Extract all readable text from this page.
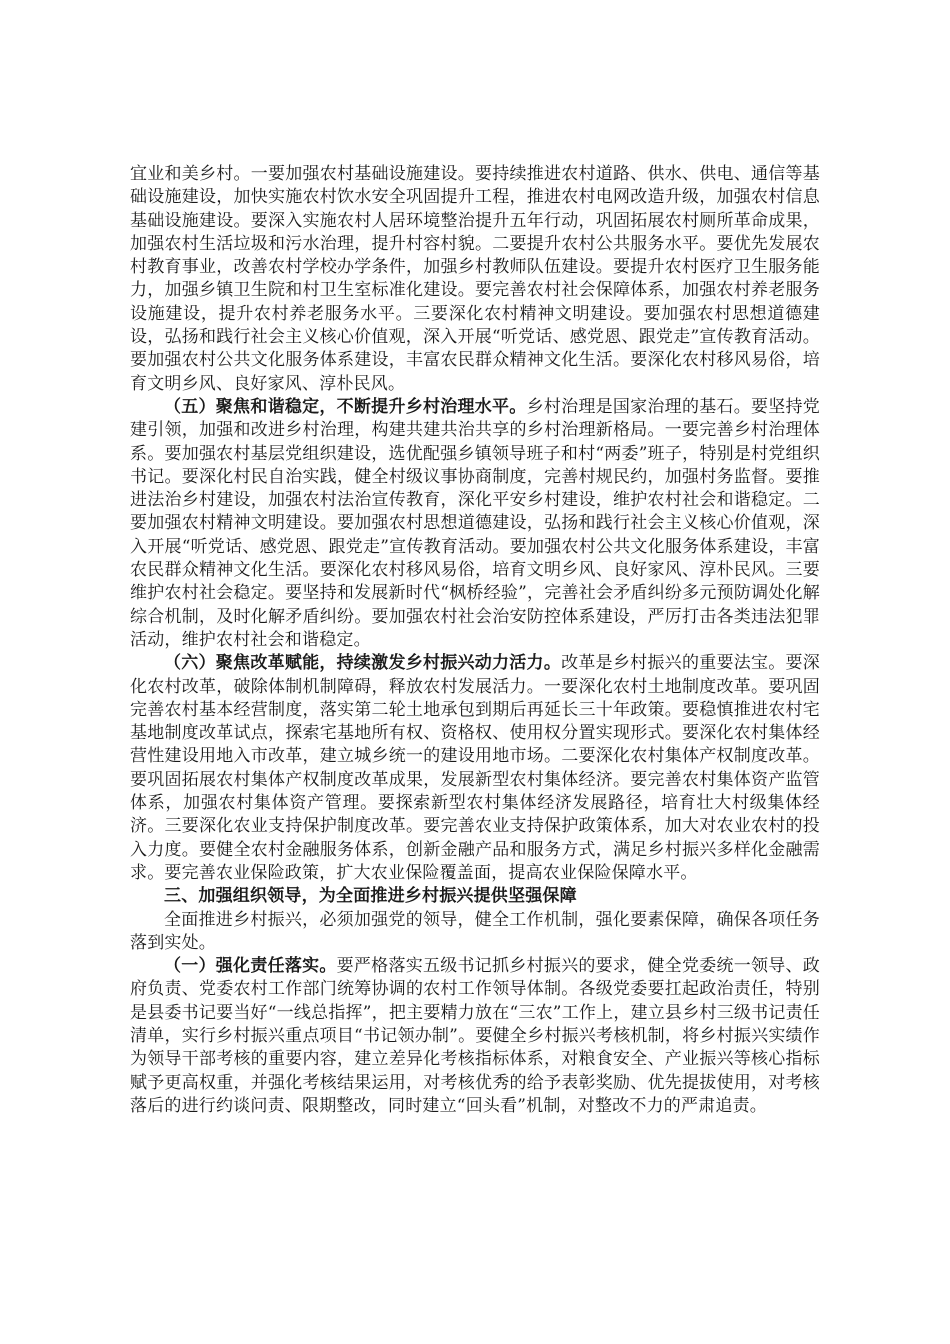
宜业和美乡村。一要加强农村基础设施建设。要持续推进农村道路、供水、供电、通信等基础设施建设，加快实施农村饮水安全巩固提升工程，推进农村电网改造升级，加强农村信息基础设施建设。要深入实施农村人居环境整治提升五年行动，巩固拓展农村厕所革命成果，加强农村生活垃圾和污水治理，提升村容村貌。二要提升农村公共服务水平。要优先发展农村教育事业，改善农村学校办学条件，加强乡村教师队伍建设。要提升农村医疗卫生服务能力，加强乡镇卫生院和村卫生室标准化建设。要完善农村社会保障体系，加强农村养老服务设施建设，提升农村养老服务水平。三要深化农村精神文明建设。要加强农村思想道德建设，弘扬和践行社会主义核心价值观，深入开展“听党话、感党恩、跟党走”宣传教育活动。要加强农村公共文化服务体系建设，丰富农民群众精神文化生活。要深化农村移风易俗，培育文明乡风、良好家风、淳朴民风。

（五）聚焦和谐稳定，不断提升乡村治理水平。乡村治理是国家治理的基石。要坚持党建引领，加强和改进乡村治理，构建共建共治共享的乡村治理新格局。一要完善乡村治理体系。要加强农村基层党组织建设，选优配强乡镇领导班子和村“两委”班子，特别是村党组织书记。要深化村民自治实践，健全村级议事协商制度，完善村规民约，加强村务监督。要推进法治乡村建设，加强农村法治宣传教育，深化平安乡村建设，维护农村社会和谐稳定。二要加强农村精神文明建设。要加强农村思想道德建设，弘扬和践行社会主义核心价值观，深入开展“听党话、感党恩、跟党走”宣传教育活动。要加强农村公共文化服务体系建设，丰富农民群众精神文化生活。要深化农村移风易俗，培育文明乡风、良好家风、淳朴民风。三要维护农村社会稳定。要坚持和发展新时代“枫桥经验”，完善社会矛盾纠纷多元预防调处化解综合机制，及时化解矛盾纠纷。要加强农村社会治安防控体系建设，严厉打击各类违法犯罪活动，维护农村社会和谐稳定。

（六）聚焦改革赋能，持续激发乡村振兴动力活力。改革是乡村振兴的重要法宝。要深化农村改革，破除体制机制障碍，释放农村发展活力。一要深化农村土地制度改革。要巩固完善农村基本经营制度，落实第二轮土地承包到期后再延长三十年政策。要稳慎推进农村宅基地制度改革试点，探索宅基地所有权、资格权、使用权分置实现形式。要深化农村集体经营性建设用地入市改革，建立城乡统一的建设用地市场。二要深化农村集体产权制度改革。要巩固拓展农村集体产权制度改革成果，发展新型农村集体经济。要完善农村集体资产监管体系，加强农村集体资产管理。要探索新型农村集体经济发展路径，培育壮大村级集体经济。三要深化农业支持保护制度改革。要完善农业支持保护政策体系，加大对农业农村的投入力度。要健全农村金融服务体系，创新金融产品和服务方式，满足乡村振兴多样化金融需求。要完善农业保险政策，扩大农业保险覆盖面，提高农业保险保障水平。

三、加强组织领导，为全面推进乡村振兴提供坚强保障

全面推进乡村振兴，必须加强党的领导，健全工作机制，强化要素保障，确保各项任务落到实处。

（一）强化责任落实。要严格落实五级书记抓乡村振兴的要求，健全党委统一领导、政府负责、党委农村工作部门统筹协调的农村工作领导体制。各级党委要扛起政治责任，特别是县委书记要当好“一线总指挥”，把主要精力放在“三农”工作上，建立县乡村三级书记责任清单，实行乡村振兴重点项目“书记领办制”。要健全乡村振兴考核机制，将乡村振兴实绩作为领导干部考核的重要内容，建立差异化考核指标体系，对粮食安全、产业振兴等核心指标赋予更高权重，并强化考核结果运用，对考核优秀的给予表彰奖励、优先提拔使用，对考核落后的进行约谈问责、限期整改，同时建立“回头看”机制，对整改不力的严肃追责。
